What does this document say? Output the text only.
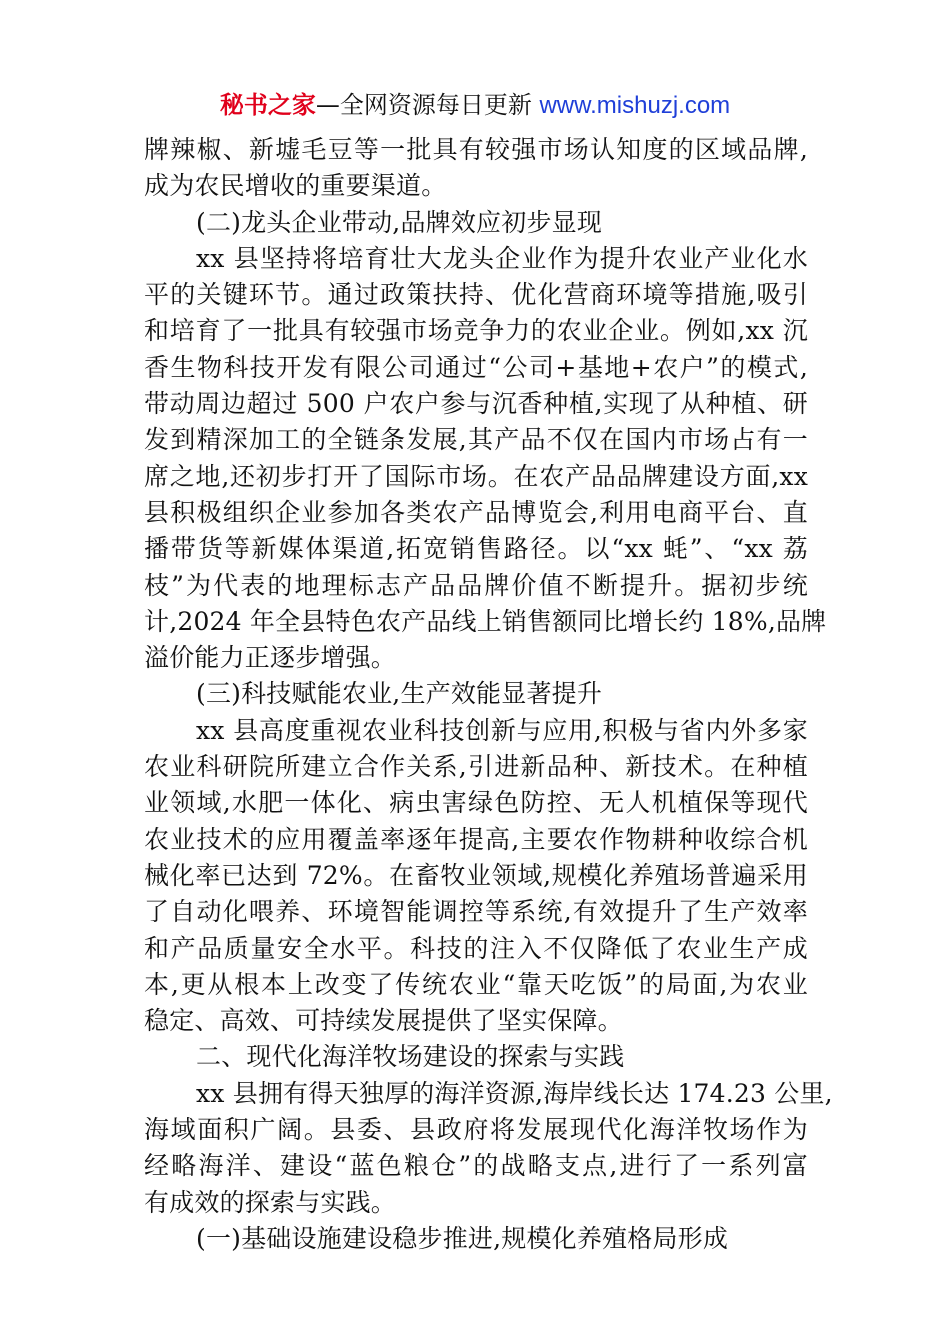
秘书之家—全网资源每日更新 www.mishuzj.com
牌辣椒、新墟毛豆等一批具有较强市场认知度的区域品牌,
成为农民增收的重要渠道。
(二)龙头企业带动,品牌效应初步显现
xx 县坚持将培育壮大龙头企业作为提升农业产业化水
平的关键环节。通过政策扶持、优化营商环境等措施,吸引
和培育了一批具有较强市场竞争力的农业企业。例如,xx 沉
香生物科技开发有限公司通过“公司+基地+农户”的模式,
带动周边超过 500 户农户参与沉香种植,实现了从种植、研
发到精深加工的全链条发展,其产品不仅在国内市场占有一
席之地,还初步打开了国际市场。在农产品品牌建设方面,xx
县积极组织企业参加各类农产品博览会,利用电商平台、直
播带货等新媒体渠道,拓宽销售路径。以“xx 蚝”、“xx 荔
枝”为代表的地理标志产品品牌价值不断提升。据初步统
计,2024 年全县特色农产品线上销售额同比增长约 18%,品牌
溢价能力正逐步增强。
(三)科技赋能农业,生产效能显著提升
xx 县高度重视农业科技创新与应用,积极与省内外多家
农业科研院所建立合作关系,引进新品种、新技术。在种植
业领域,水肥一体化、病虫害绿色防控、无人机植保等现代
农业技术的应用覆盖率逐年提高,主要农作物耕种收综合机
械化率已达到 72%。在畜牧业领域,规模化养殖场普遍采用
了自动化喂养、环境智能调控等系统,有效提升了生产效率
和产品质量安全水平。科技的注入不仅降低了农业生产成
本,更从根本上改变了传统农业“靠天吃饭”的局面,为农业
稳定、高效、可持续发展提供了坚实保障。
二、现代化海洋牧场建设的探索与实践
xx 县拥有得天独厚的海洋资源,海岸线长达 174.23 公里,
海域面积广阔。县委、县政府将发展现代化海洋牧场作为
经略海洋、建设“蓝色粮仓”的战略支点,进行了一系列富
有成效的探索与实践。
(一)基础设施建设稳步推进,规模化养殖格局形成
